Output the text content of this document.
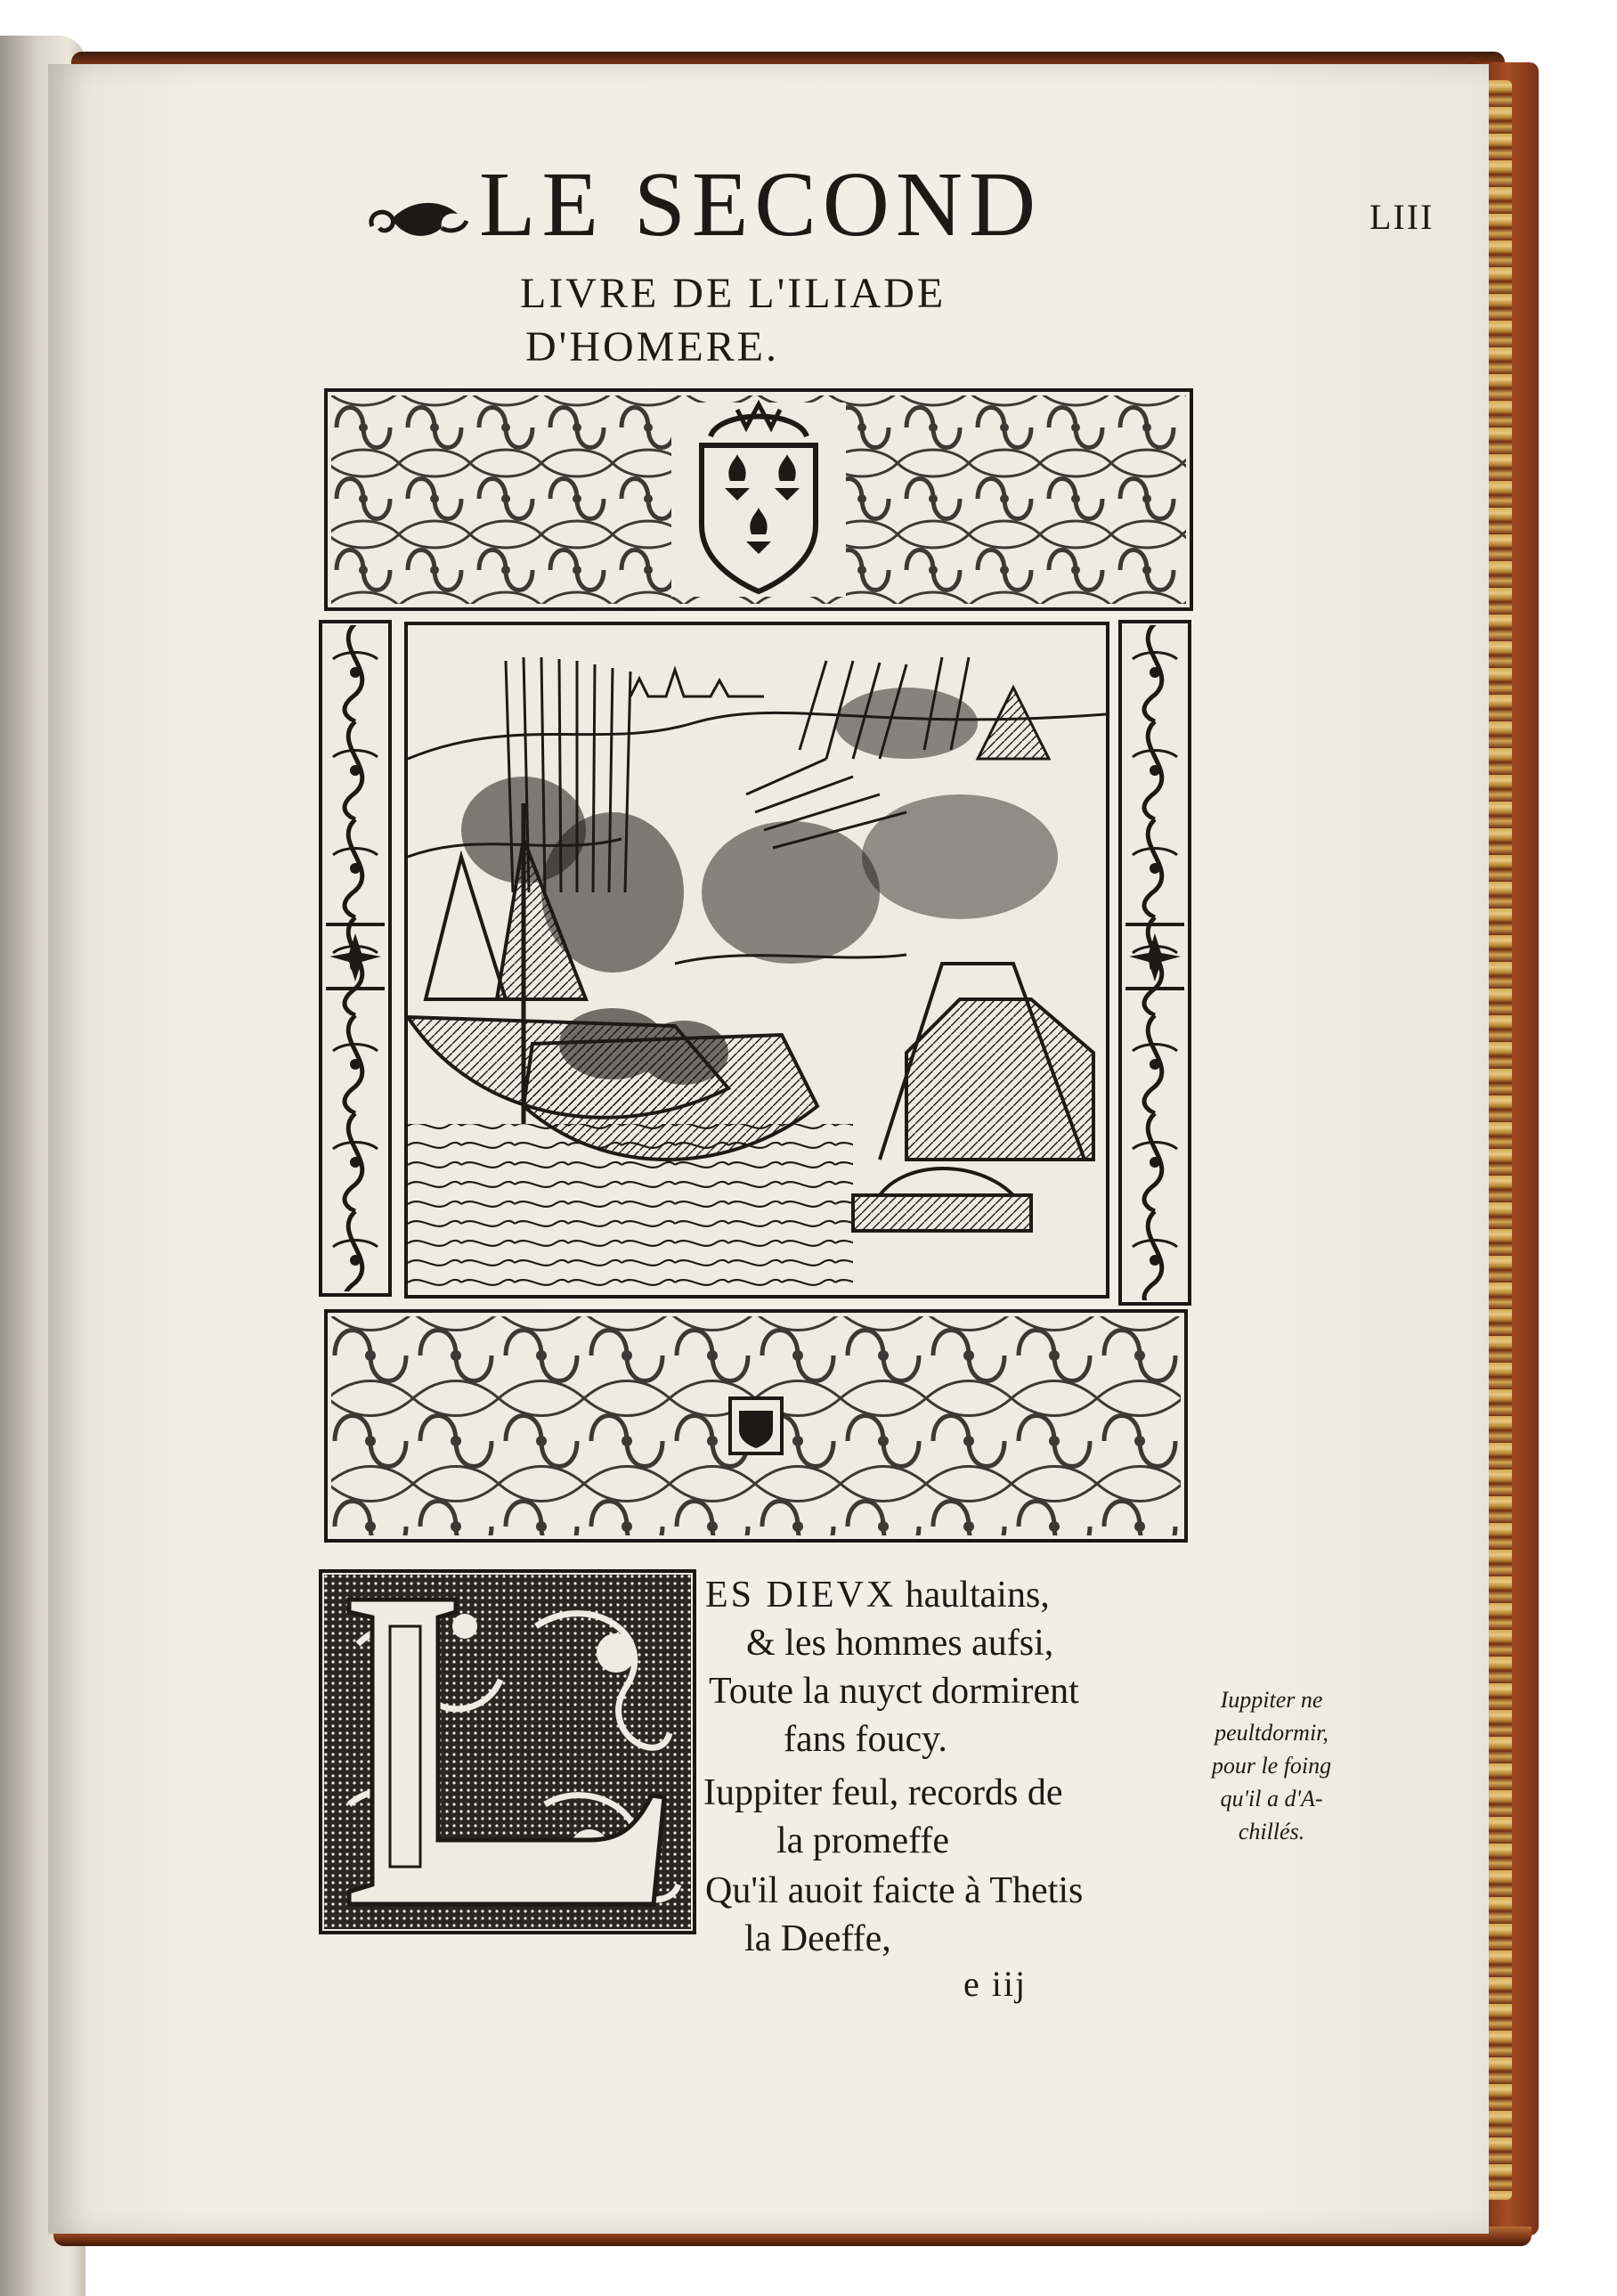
LE SECOND
LIVRE DE L'ILIADE
D'HOMERE.
LIII
ES DIEVX haultains,
& les hommes aufsi,
Toute la nuyct dormirent
fans foucy.
Iuppiter feul, records de
la promeffe
Qu'il auoit faicte à Thetis
la Deeffe,
Iuppiter ne
peultdormir,
pour le foing
qu'il a d'A-
chillés.
e iij
